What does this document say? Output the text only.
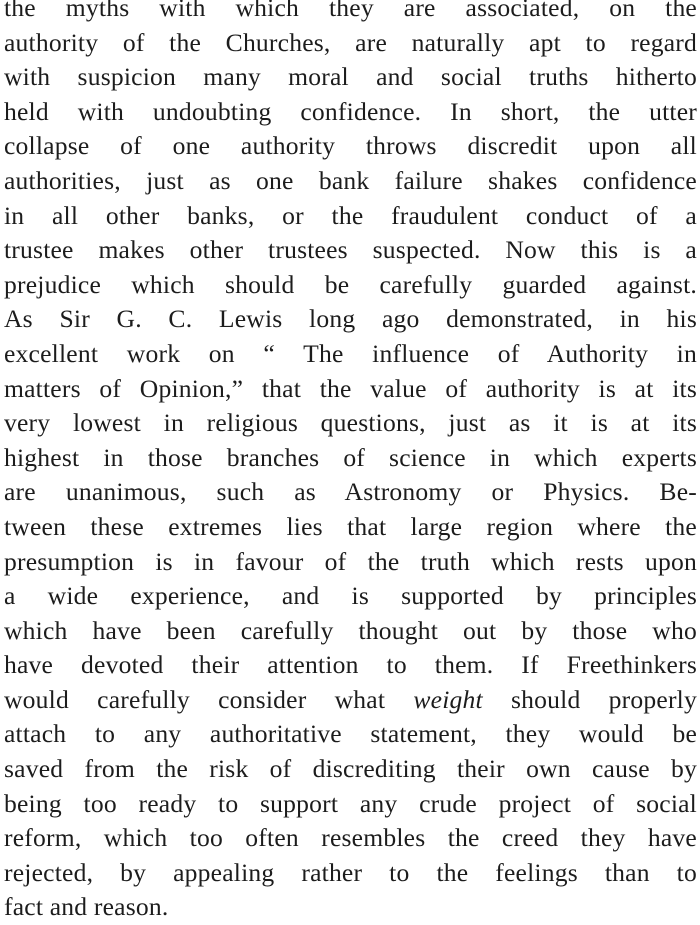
the myths with which they are associated, on the
authority of the Churches, are naturally apt to regard
with suspicion many moral and social truths hitherto
held with undoubting confidence. In short, the utter
collapse of one authority throws discredit upon all
authorities, just as one bank failure shakes confidence
in all other banks, or the fraudulent conduct of a
trustee makes other trustees suspected. Now this is a
prejudice which should be carefully guarded against.
As Sir G. C. Lewis long ago demonstrated, in his
excellent work on “ The influence of Authority in
matters of Opinion,” that the value of authority is at its
very lowest in religious questions, just as it is at its
highest in those branches of science in which experts
are unanimous, such as Astronomy or Physics. Be-
tween these extremes lies that large region where the
presumption is in favour of the truth which rests upon
a wide experience, and is supported by principles
which have been carefully thought out by those who
have devoted their attention to them. If Freethinkers
would carefully consider what weight should properly
attach to any authoritative statement, they would be
saved from the risk of discrediting their own cause by
being too ready to support any crude project of social
reform, which too often resembles the creed they have
rejected, by appealing rather to the feelings than to
fact and reason.
